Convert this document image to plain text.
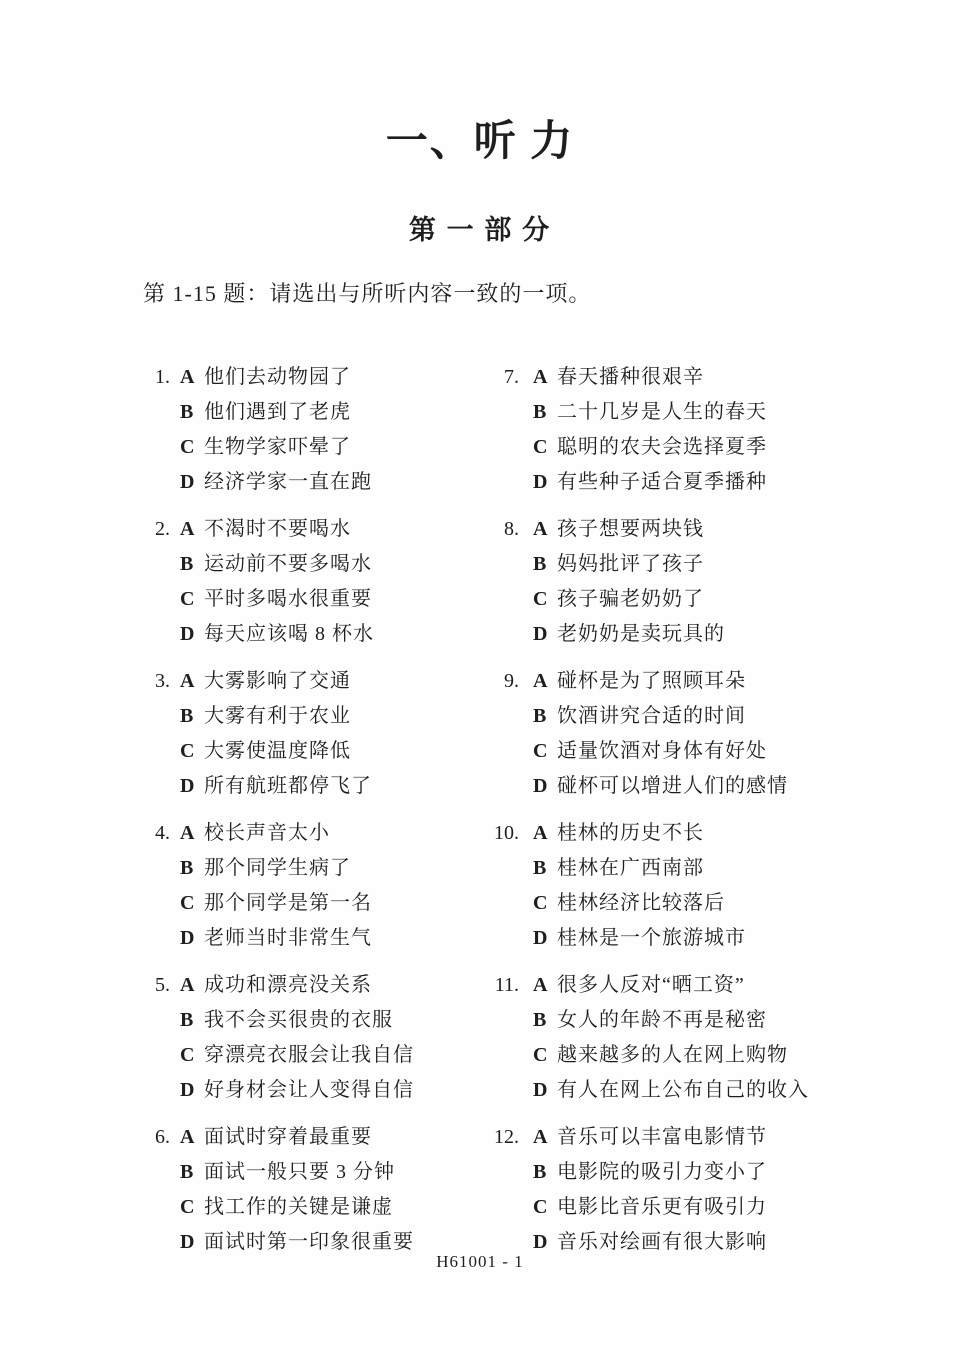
一、听 力
第 一 部 分

第 1-15 题：请选出与所听内容一致的一项。

1. A 他们去动物园了
B 他们遇到了老虎
C 生物学家吓晕了
D 经济学家一直在跑
2. A 不渴时不要喝水
B 运动前不要多喝水
C 平时多喝水很重要
D 每天应该喝 8 杯水
3. A 大雾影响了交通
B 大雾有利于农业
C 大雾使温度降低
D 所有航班都停飞了
4. A 校长声音太小
B 那个同学生病了
C 那个同学是第一名
D 老师当时非常生气
5. A 成功和漂亮没关系
B 我不会买很贵的衣服
C 穿漂亮衣服会让我自信
D 好身材会让人变得自信
6. A 面试时穿着最重要
B 面试一般只要 3 分钟
C 找工作的关键是谦虚
D 面试时第一印象很重要
7. A 春天播种很艰辛
B 二十几岁是人生的春天
C 聪明的农夫会选择夏季
D 有些种子适合夏季播种
8. A 孩子想要两块钱
B 妈妈批评了孩子
C 孩子骗老奶奶了
D 老奶奶是卖玩具的
9. A 碰杯是为了照顾耳朵
B 饮酒讲究合适的时间
C 适量饮酒对身体有好处
D 碰杯可以增进人们的感情
10. A 桂林的历史不长
B 桂林在广西南部
C 桂林经济比较落后
D 桂林是一个旅游城市
11. A 很多人反对“晒工资”
B 女人的年龄不再是秘密
C 越来越多的人在网上购物
D 有人在网上公布自己的收入
12. A 音乐可以丰富电影情节
B 电影院的吸引力变小了
C 电影比音乐更有吸引力
D 音乐对绘画有很大影响
H61001 - 1
